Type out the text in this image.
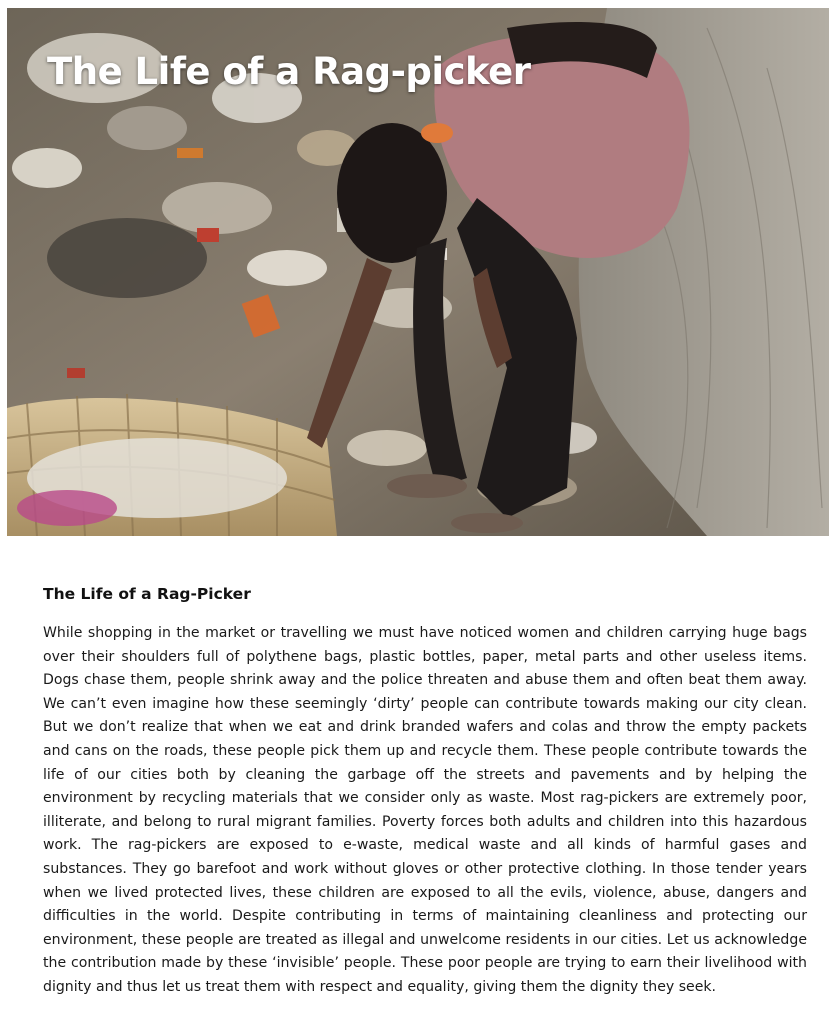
The Life of a Rag-picker
The Life of a Rag-Picker

While shopping in the market or travelling we must have noticed women and children carrying huge bags over their shoulders full of polythene bags, plastic bottles, paper, metal parts and other useless items. Dogs chase them, people shrink away and the police threaten and abuse them and often beat them away. We can’t even imagine how these seemingly ‘dirty’ people can contribute towards making our city clean. But we don’t realize that when we eat and drink branded wafers and colas and throw the empty packets and cans on the roads, these people pick them up and recycle them. These people contribute towards the life of our cities both by cleaning the garbage off the streets and pavements and by helping the environment by recycling materials that we consider only as waste. Most rag-pickers are extremely poor, illiterate, and belong to rural migrant families. Poverty forces both adults and children into this hazardous work. The rag-pickers are exposed to e-waste, medical waste and all kinds of harmful gases and substances. They go barefoot and work without gloves or other protective clothing. In those tender years when we lived protected lives, these children are exposed to all the evils, violence, abuse, dangers and difficulties in the world. Despite contributing in terms of maintaining cleanliness and protecting our environment, these people are treated as illegal and unwelcome residents in our cities. Let us acknowledge the contribution made by these ‘invisible’ people. These poor people are trying to earn their livelihood with dignity and thus let us treat them with respect and equality, giving them the dignity they seek.
